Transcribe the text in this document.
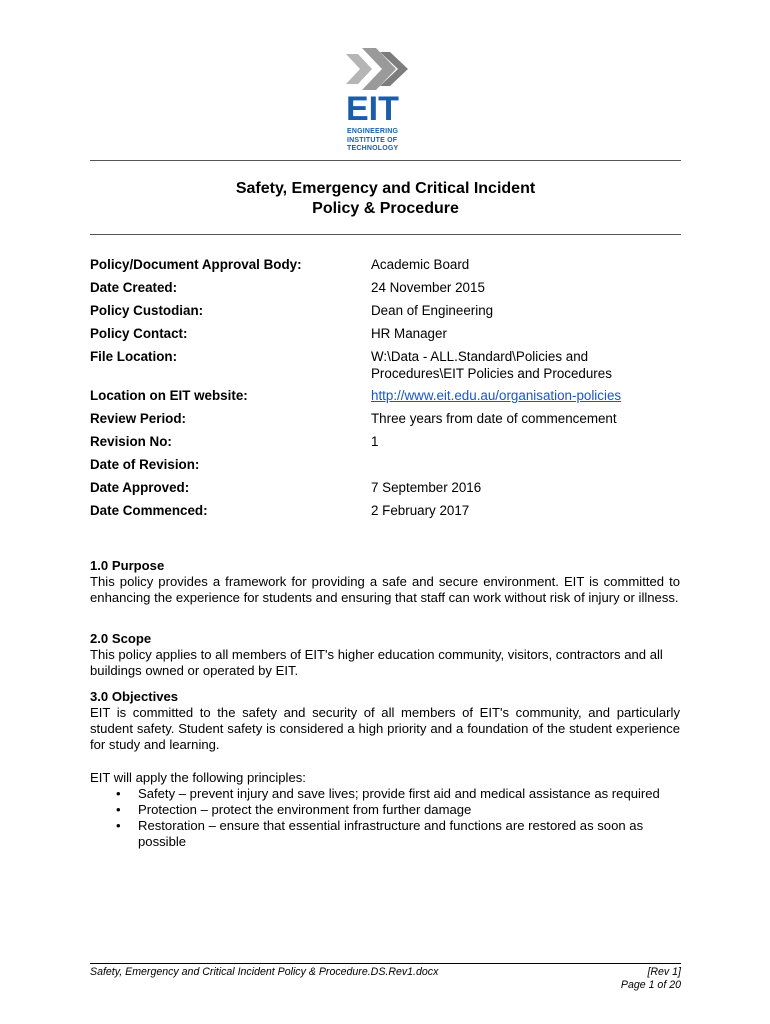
EIT
ENGINEERING
INSTITUTE OF
TECHNOLOGY
Safety, Emergency and Critical Incident
Policy & Procedure
Policy/Document Approval Body:	Academic Board
Date Created:	24 November 2015
Policy Custodian:	Dean of Engineering
Policy Contact:	HR Manager
File Location:	W:\Data - ALL.Standard\Policies and
Procedures\EIT Policies and Procedures
Location on EIT website:	http://www.eit.edu.au/organisation-policies
Review Period:	Three years from date of commencement
Revision No:	1
Date of Revision:
Date Approved:	7 September 2016
Date Commenced:	2 February 2017
1.0 Purpose
This policy provides a framework for providing a safe and secure environment. EIT is committed to enhancing the experience for students and ensuring that staff can work without risk of injury or illness.
2.0 Scope
This policy applies to all members of EIT's higher education community, visitors, contractors and all buildings owned or operated by EIT.
3.0 Objectives
EIT is committed to the safety and security of all members of EIT's community, and particularly student safety. Student safety is considered a high priority and a foundation of the student experience for study and learning.
EIT will apply the following principles:
• Safety – prevent injury and save lives; provide first aid and medical assistance as required
• Protection – protect the environment from further damage
• Restoration – ensure that essential infrastructure and functions are restored as soon as possible
Safety, Emergency and Critical Incident Policy & Procedure.DS.Rev1.docx	[Rev 1]
Page 1 of 20
